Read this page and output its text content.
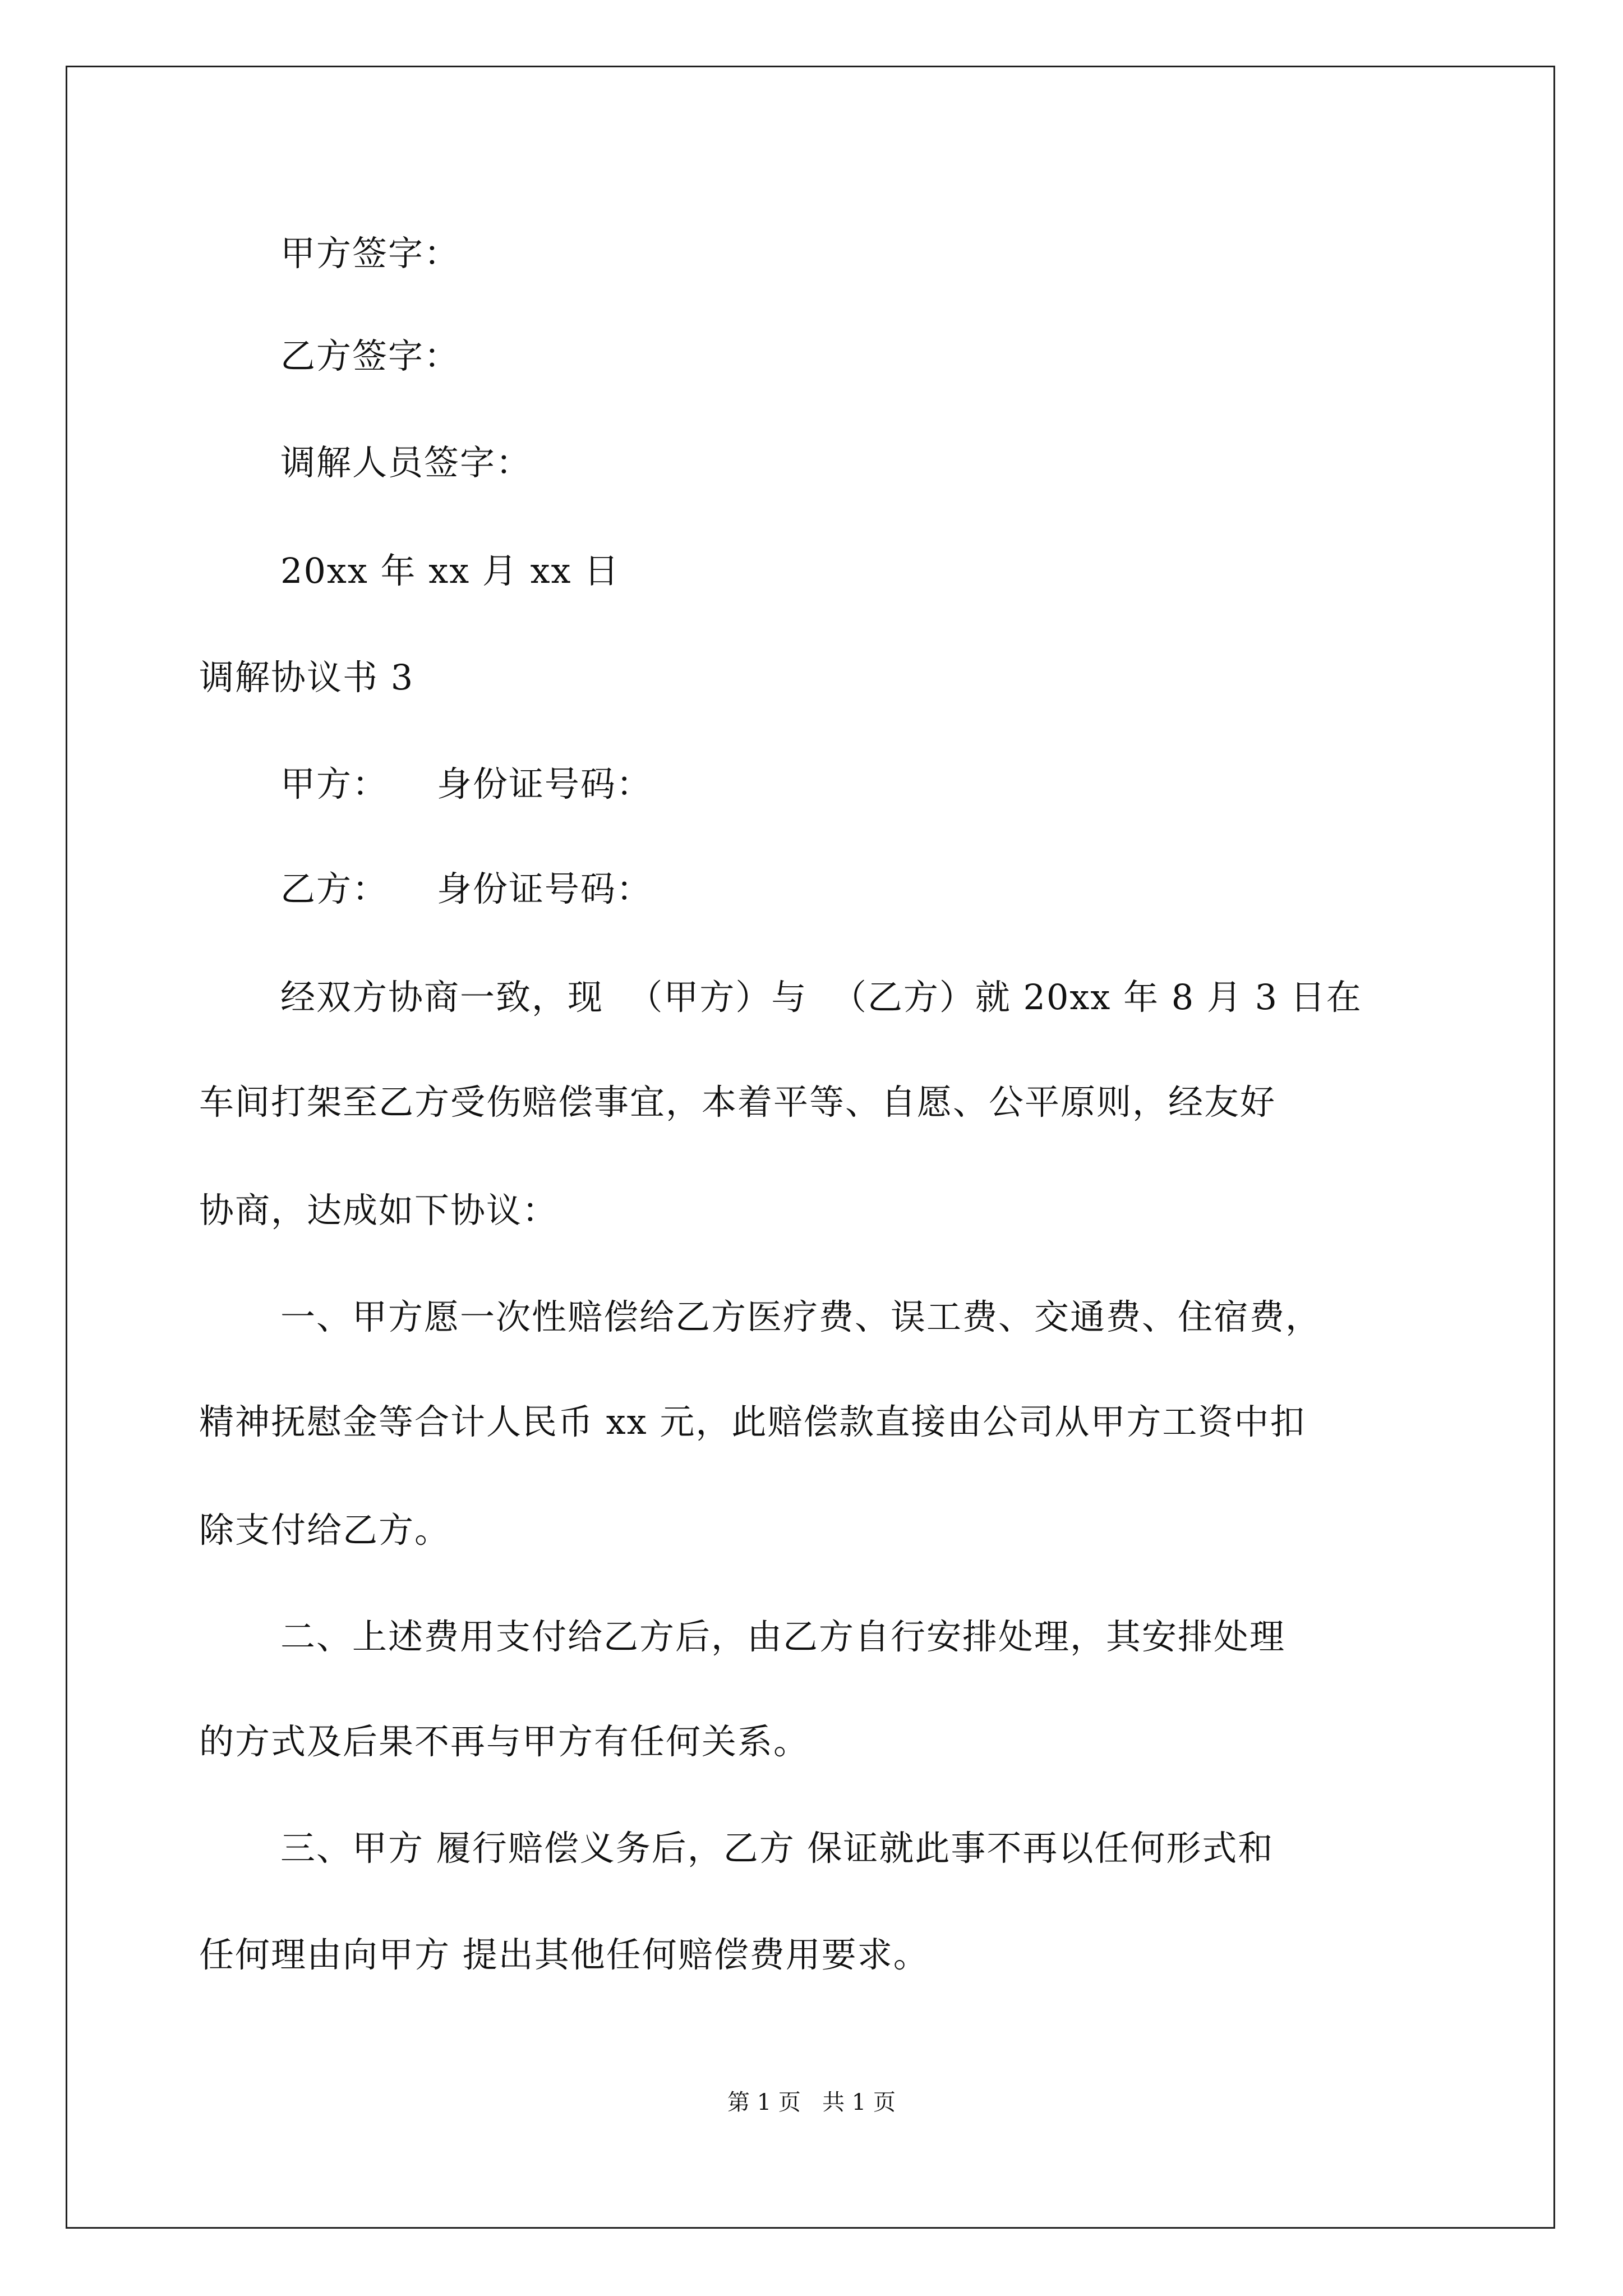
甲方签字：
乙方签字：
调解人员签字：
20xx 年 xx 月 xx 日
调解协议书 3
甲方：    身份证号码：
乙方：    身份证号码：
经双方协商一致，现  （甲方）与  （乙方）就 20xx 年 8 月 3 日在
车间打架至乙方受伤赔偿事宜，本着平等、自愿、公平原则，经友好
协商，达成如下协议：
一、甲方愿一次性赔偿给乙方医疗费、误工费、交通费、住宿费，
精神抚慰金等合计人民币 xx 元，此赔偿款直接由公司从甲方工资中扣
除支付给乙方。
二、上述费用支付给乙方后，由乙方自行安排处理，其安排处理
的方式及后果不再与甲方有任何关系。
三、甲方 履行赔偿义务后，乙方 保证就此事不再以任何形式和
任何理由向甲方 提出其他任何赔偿费用要求。
第 1 页   共 1 页
